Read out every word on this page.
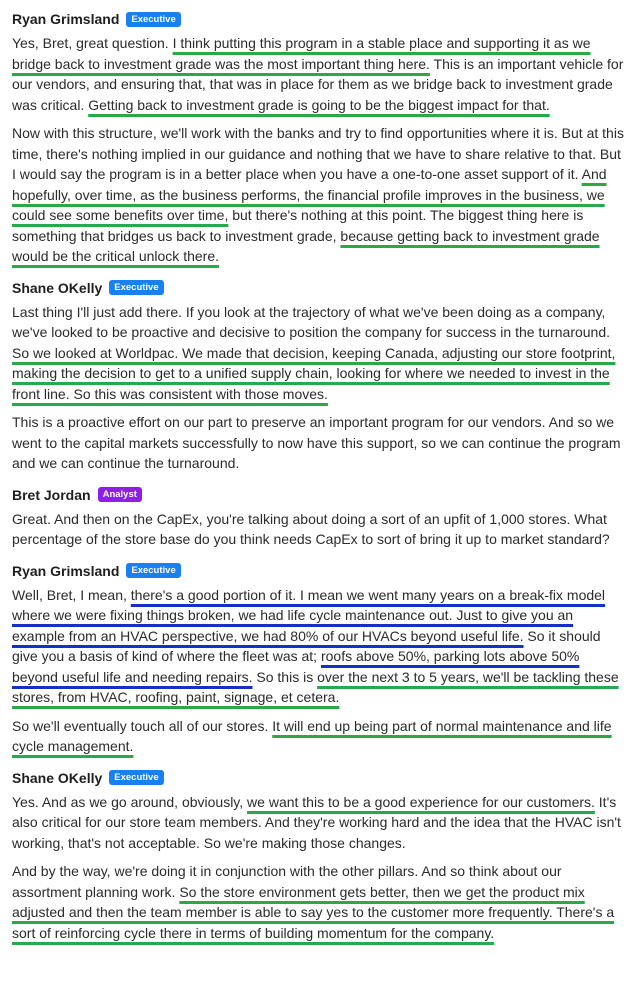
Ryan Grimsland	Executive
Yes, Bret, great question. I think putting this program in a stable place and supporting it as we bridge back to investment grade was the most important thing here. This is an important vehicle for our vendors, and ensuring that, that was in place for them as we bridge back to investment grade was critical. Getting back to investment grade is going to be the biggest impact for that.
Now with this structure, we'll work with the banks and try to find opportunities where it is. But at this time, there's nothing implied in our guidance and nothing that we have to share relative to that. But I would say the program is in a better place when you have a one-to-one asset support of it. And hopefully, over time, as the business performs, the financial profile improves in the business, we could see some benefits over time, but there's nothing at this point. The biggest thing here is something that bridges us back to investment grade, because getting back to investment grade would be the critical unlock there.
Shane OKelly	Executive
Last thing I'll just add there. If you look at the trajectory of what we've been doing as a company, we've looked to be proactive and decisive to position the company for success in the turnaround. So we looked at Worldpac. We made that decision, keeping Canada, adjusting our store footprint, making the decision to get to a unified supply chain, looking for where we needed to invest in the front line. So this was consistent with those moves.
This is a proactive effort on our part to preserve an important program for our vendors. And so we went to the capital markets successfully to now have this support, so we can continue the program and we can continue the turnaround.
Bret Jordan	Analyst
Great. And then on the CapEx, you're talking about doing a sort of an upfit of 1,000 stores. What percentage of the store base do you think needs CapEx to sort of bring it up to market standard?
Ryan Grimsland	Executive
Well, Bret, I mean, there's a good portion of it. I mean we went many years on a break-fix model where we were fixing things broken, we had life cycle maintenance out. Just to give you an example from an HVAC perspective, we had 80% of our HVACs beyond useful life. So it should give you a basis of kind of where the fleet was at; roofs above 50%, parking lots above 50% beyond useful life and needing repairs. So this is over the next 3 to 5 years, we'll be tackling these stores, from HVAC, roofing, paint, signage, et cetera.
So we'll eventually touch all of our stores. It will end up being part of normal maintenance and life cycle management.
Shane OKelly	Executive
Yes. And as we go around, obviously, we want this to be a good experience for our customers. It's also critical for our store team members. And they're working hard and the idea that the HVAC isn't working, that's not acceptable. So we're making those changes.
And by the way, we're doing it in conjunction with the other pillars. And so think about our assortment planning work. So the store environment gets better, then we get the product mix adjusted and then the team member is able to say yes to the customer more frequently. There's a sort of reinforcing cycle there in terms of building momentum for the company.
